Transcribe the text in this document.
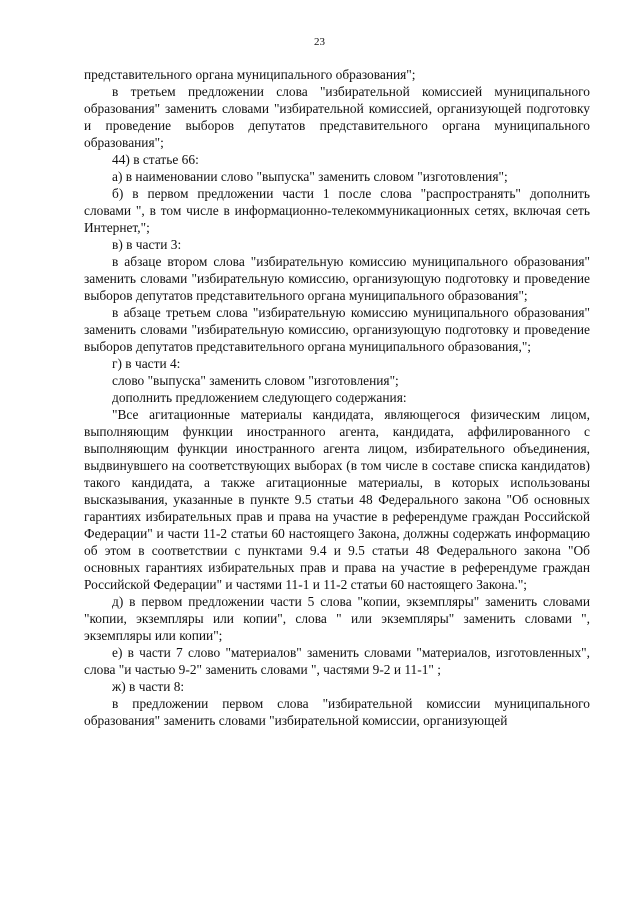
23

представительного органа муниципального образования";

в третьем предложении слова "избирательной комиссией муниципального образования" заменить словами "избирательной комиссией, организующей подготовку и проведение выборов депутатов представительного органа муниципального образования";

44) в статье 66:

а) в наименовании слово "выпуска" заменить словом "изготовления";

б) в первом предложении части 1 после слова "распространять" дополнить словами ", в том числе в информационно-телекоммуникационных сетях, включая сеть Интернет,";

в) в части 3:

в абзаце втором слова "избирательную комиссию муниципального образования" заменить словами "избирательную комиссию, организующую подготовку и проведение выборов депутатов представительного органа муниципального образования";

в абзаце третьем слова "избирательную комиссию муниципального образования" заменить словами "избирательную комиссию, организующую подготовку и проведение выборов депутатов представительного органа муниципального образования,";

г) в части 4:

слово "выпуска" заменить словом "изготовления";

дополнить предложением следующего содержания:

"Все агитационные материалы кандидата, являющегося физическим лицом, выполняющим функции иностранного агента, кандидата, аффилированного с выполняющим функции иностранного агента лицом, избирательного объединения, выдвинувшего на соответствующих выборах (в том числе в составе списка кандидатов) такого кандидата, а также агитационные материалы, в которых использованы высказывания, указанные в пункте 9.5 статьи 48 Федерального закона "Об основных гарантиях избирательных прав и права на участие в референдуме граждан Российской Федерации" и части 11-2 статьи 60 настоящего Закона, должны содержать информацию об этом в соответствии с пунктами 9.4 и 9.5 статьи 48 Федерального закона "Об основных гарантиях избирательных прав и права на участие в референдуме граждан Российской Федерации" и частями 11-1 и 11-2 статьи 60 настоящего Закона.";

д) в первом предложении части 5 слова "копии, экземпляры" заменить словами "копии, экземпляры или копии", слова " или экземпляры" заменить словами ", экземпляры или копии";

е) в части 7 слово "материалов" заменить словами "материалов, изготовленных", слова "и частью 9-2" заменить словами ", частями 9-2 и 11-1" ;

ж) в части 8:

в предложении первом слова "избирательной комиссии муниципального образования" заменить словами "избирательной комиссии, организующей
